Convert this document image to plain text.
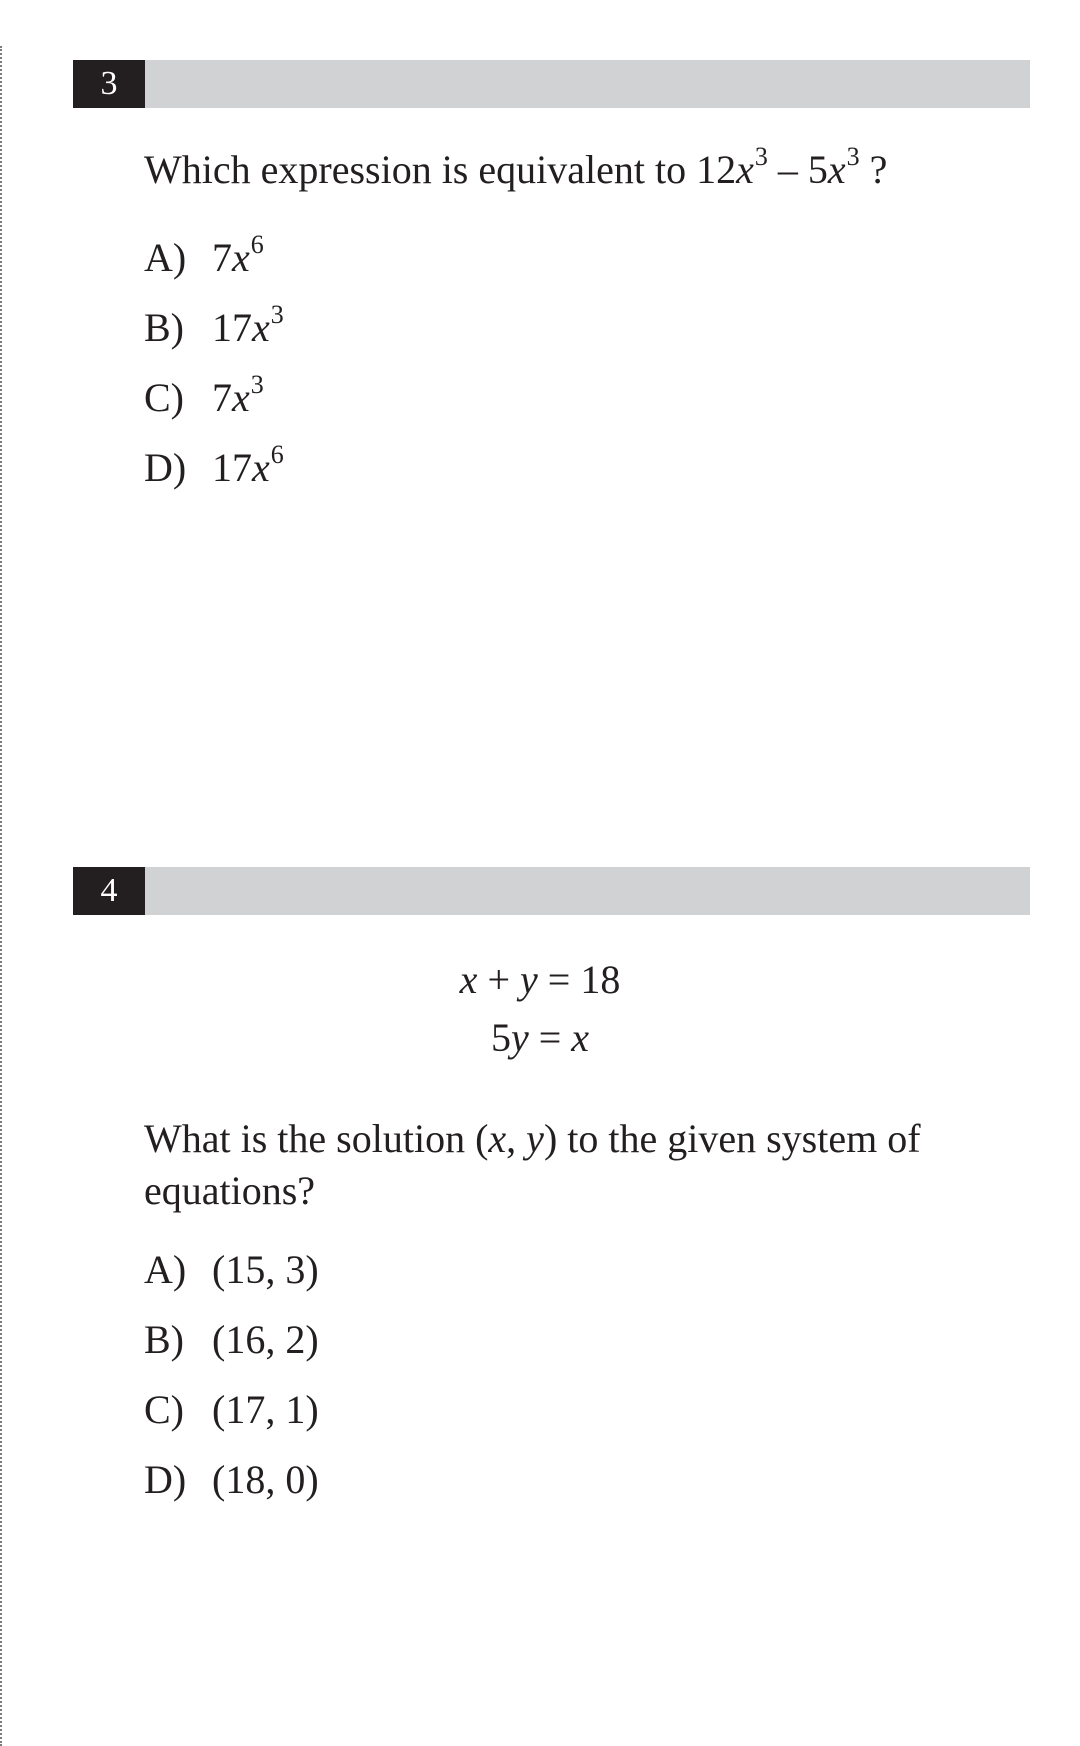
3
Which expression is equivalent to $12x^3 - 5x^3$ ?
A) $7x^6$
B) $17x^3$
C) $7x^3$
D) $17x^6$
4
x + y = 18
5y = x
What is the solution (x, y) to the given system of
equations?
A) (15, 3)
B) (16, 2)
C) (17, 1)
D) (18, 0)
